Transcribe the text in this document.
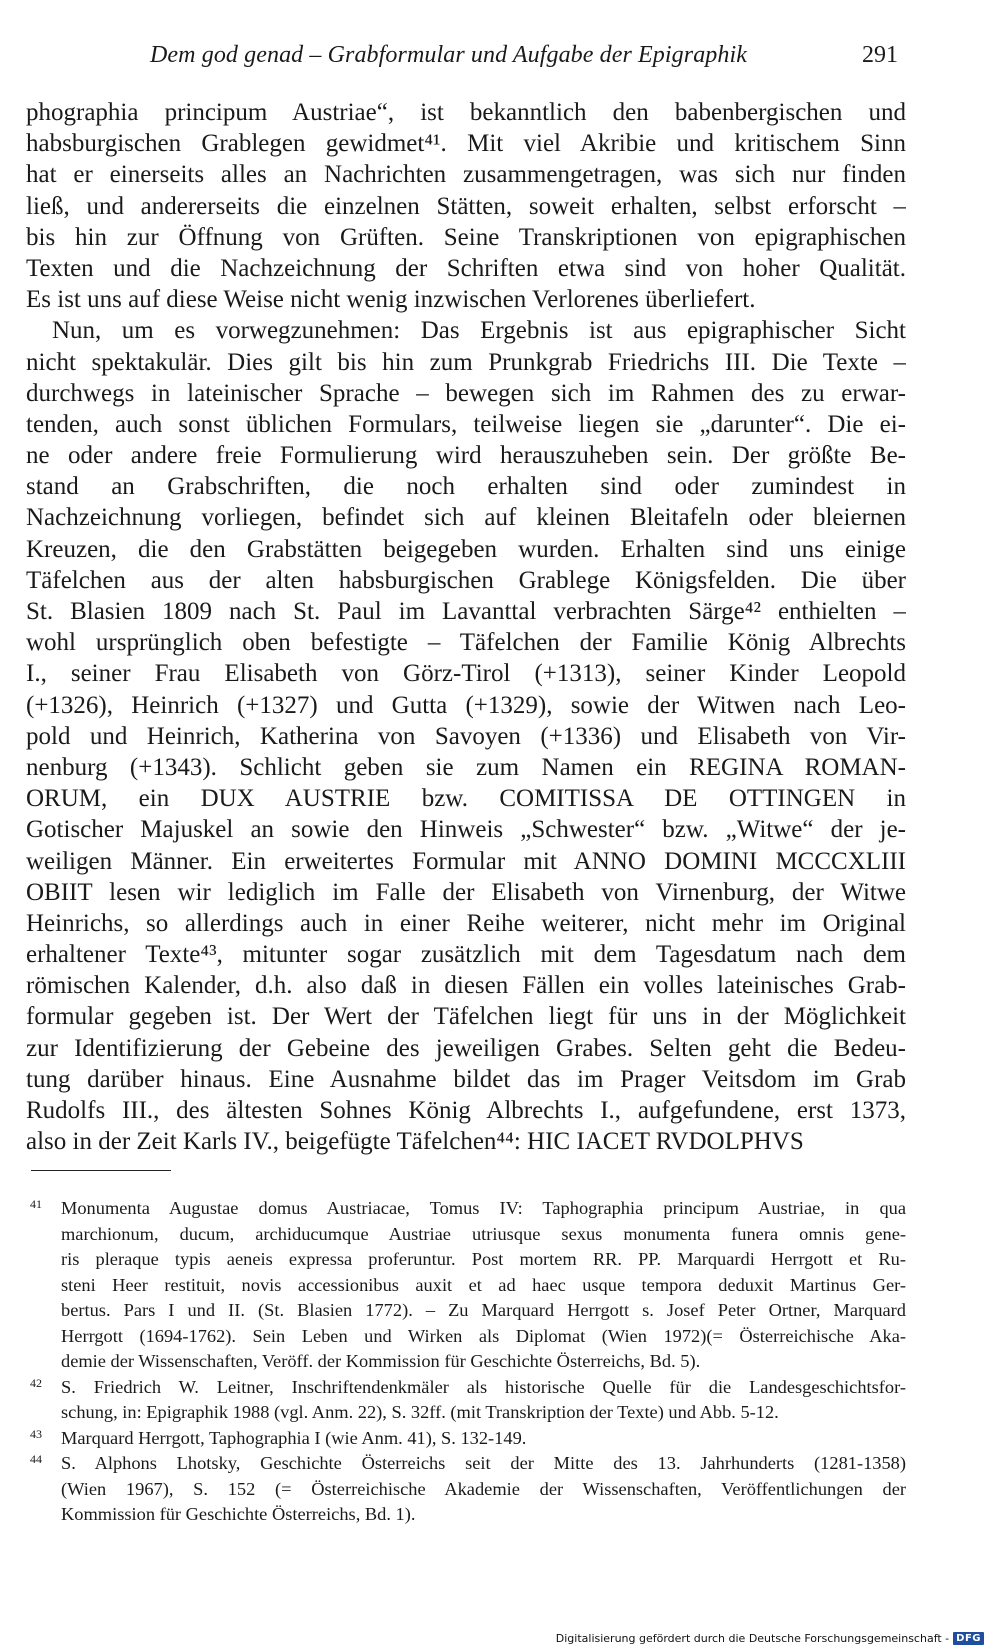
Dem god genad – Grabformular und Aufgabe der Epigraphik	291
phographia principum Austriae“, ist bekanntlich den babenbergischen und
habsburgischen Grablegen gewidmet⁴¹. Mit viel Akribie und kritischem Sinn
hat er einerseits alles an Nachrichten zusammengetragen, was sich nur finden
ließ, und andererseits die einzelnen Stätten, soweit erhalten, selbst erforscht –
bis hin zur Öffnung von Grüften. Seine Transkriptionen von epigraphischen
Texten und die Nachzeichnung der Schriften etwa sind von hoher Qualität.
Es ist uns auf diese Weise nicht wenig inzwischen Verlorenes überliefert.
Nun, um es vorwegzunehmen: Das Ergebnis ist aus epigraphischer Sicht
nicht spektakulär. Dies gilt bis hin zum Prunkgrab Friedrichs III. Die Texte –
durchwegs in lateinischer Sprache – bewegen sich im Rahmen des zu erwar-
tenden, auch sonst üblichen Formulars, teilweise liegen sie „darunter“. Die ei-
ne oder andere freie Formulierung wird herauszuheben sein. Der größte Be-
stand an Grabschriften, die noch erhalten sind oder zumindest in
Nachzeichnung vorliegen, befindet sich auf kleinen Bleitafeln oder bleiernen
Kreuzen, die den Grabstätten beigegeben wurden. Erhalten sind uns einige
Täfelchen aus der alten habsburgischen Grablege Königsfelden. Die über
St. Blasien 1809 nach St. Paul im Lavanttal verbrachten Särge⁴² enthielten –
wohl ursprünglich oben befestigte – Täfelchen der Familie König Albrechts
I., seiner Frau Elisabeth von Görz-Tirol (+1313), seiner Kinder Leopold
(+1326), Heinrich (+1327) und Gutta (+1329), sowie der Witwen nach Leo-
pold und Heinrich, Katherina von Savoyen (+1336) und Elisabeth von Vir-
nenburg (+1343). Schlicht geben sie zum Namen ein REGINA ROMAN-
ORUM, ein DUX AUSTRIE bzw. COMITISSA DE OTTINGEN in
Gotischer Majuskel an sowie den Hinweis „Schwester“ bzw. „Witwe“ der je-
weiligen Männer. Ein erweitertes Formular mit ANNO DOMINI MCCCXLIII
OBIIT lesen wir lediglich im Falle der Elisabeth von Virnenburg, der Witwe
Heinrichs, so allerdings auch in einer Reihe weiterer, nicht mehr im Original
erhaltener Texte⁴³, mitunter sogar zusätzlich mit dem Tagesdatum nach dem
römischen Kalender, d.h. also daß in diesen Fällen ein volles lateinisches Grab-
formular gegeben ist. Der Wert der Täfelchen liegt für uns in der Möglichkeit
zur Identifizierung der Gebeine des jeweiligen Grabes. Selten geht die Bedeu-
tung darüber hinaus. Eine Ausnahme bildet das im Prager Veitsdom im Grab
Rudolfs III., des ältesten Sohnes König Albrechts I., aufgefundene, erst 1373,
also in der Zeit Karls IV., beigefügte Täfelchen⁴⁴: HIC IACET RVDOLPHVS
41 Monumenta Augustae domus Austriacae, Tomus IV: Taphographia principum Austriae, in qua
marchionum, ducum, archiducumque Austriae utriusque sexus monumenta funera omnis gene-
ris pleraque typis aeneis expressa proferuntur. Post mortem RR. PP. Marquardi Herrgott et Ru-
steni Heer restituit, novis accessionibus auxit et ad haec usque tempora deduxit Martinus Ger-
bertus. Pars I und II. (St. Blasien 1772). – Zu Marquard Herrgott s. Josef Peter Ortner, Marquard
Herrgott (1694-1762). Sein Leben und Wirken als Diplomat (Wien 1972)(= Österreichische Aka-
demie der Wissenschaften, Veröff. der Kommission für Geschichte Österreichs, Bd. 5).
42 S. Friedrich W. Leitner, Inschriftendenkmäler als historische Quelle für die Landesgeschichtsfor-
schung, in: Epigraphik 1988 (vgl. Anm. 22), S. 32ff. (mit Transkription der Texte) und Abb. 5-12.
43 Marquard Herrgott, Taphographia I (wie Anm. 41), S. 132-149.
44 S. Alphons Lhotsky, Geschichte Österreichs seit der Mitte des 13. Jahrhunderts (1281-1358)
(Wien 1967), S. 152 (= Österreichische Akademie der Wissenschaften, Veröffentlichungen der
Kommission für Geschichte Österreichs, Bd. 1).
Digitalisierung gefördert durch die Deutsche Forschungsgemeinschaft - DFG
